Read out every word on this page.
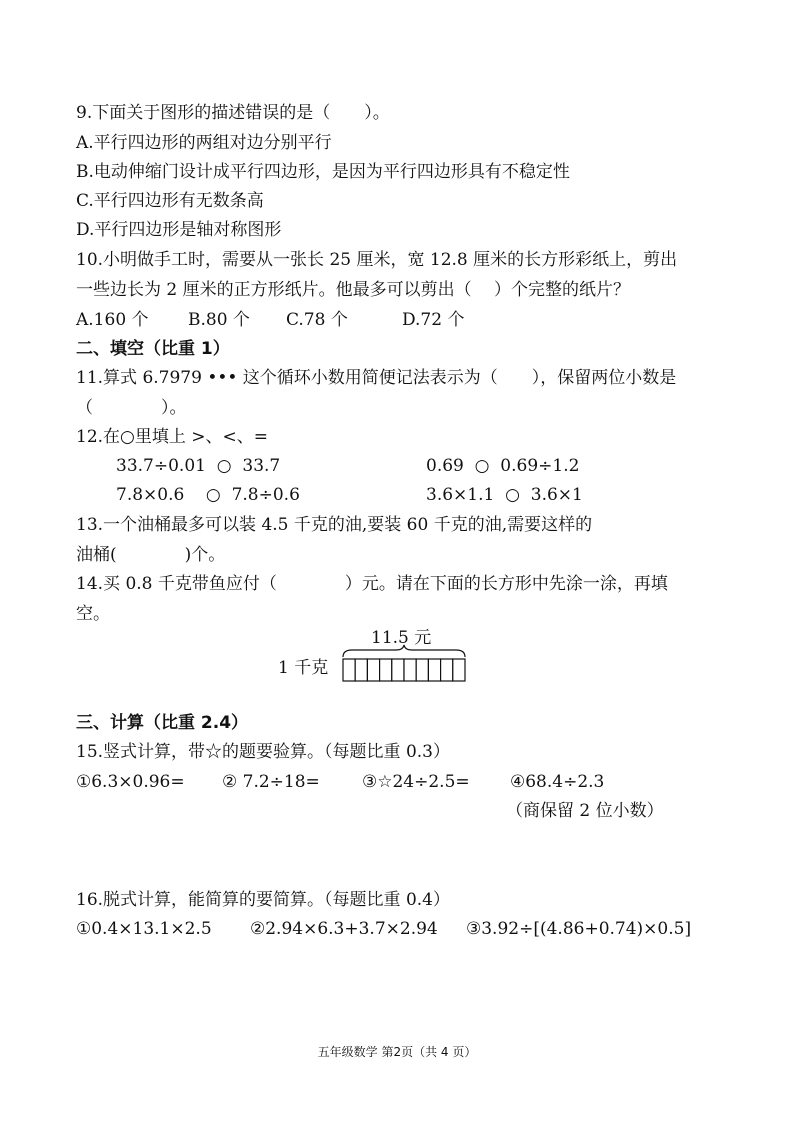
9.下面关于图形的描述错误的是（　　）。
A.平行四边形的两组对边分别平行
B.电动伸缩门设计成平行四边形，是因为平行四边形具有不稳定性
C.平行四边形有无数条高
D.平行四边形是轴对称图形
10.小明做手工时，需要从一张长 25 厘米，宽 12.8 厘米的长方形彩纸上，剪出
一些边长为 2 厘米的正方形纸片。他最多可以剪出（　 ）个完整的纸片？
A.160 个 B.80 个 C.78 个	D.72 个
二、填空（比重 1）
11.算式 6.7979 ••• 这个循环小数用简便记法表示为（　　），保留两位小数是
（　　　　）。
12.在○里填上 >、<、=
33.7÷0.01  ○  33.7	0.69  ○  0.69÷1.2
7.8×0.6    ○  7.8÷0.6	3.6×1.1  ○  3.6×1
13.一个油桶最多可以装 4.5 千克的油,要装 60 千克的油,需要这样的
油桶(　　　　)个。
14.买 0.8 千克带鱼应付（　　　　）元。请在下面的长方形中先涂一涂，再填
空。
11.5 元
1 千克
三、计算（比重 2.4）
15.竖式计算，带☆的题要验算。（每题比重 0.3）
①6.3×0.96= ② 7.2÷18= ③☆24÷2.5= ④68.4÷2.3
（商保留 2 位小数）
16.脱式计算，能简算的要简算。（每题比重 0.4）
①0.4×13.1×2.5 ②2.94×6.3+3.7×2.94 ③3.92÷[(4.86+0.74)×0.5]
五年级数学 第2页（共 4 页）
